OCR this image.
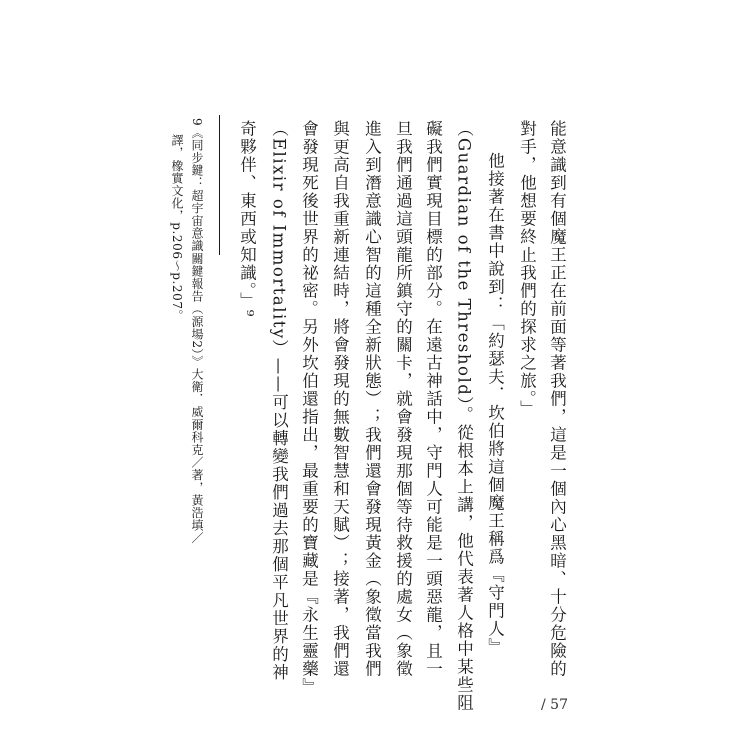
能意識到有個魔王正在前面等著我們，這是一個內心黑暗、十分危險的
對手，他想要終止我們的探求之旅。」
他接著在書中說到：「約瑟夫．坎伯將這個魔王稱爲『守門人』
（Guardian of the Threshold）。從根本上講，他代表著人格中某些阻
礙我們實現目標的部分。在遠古神話中，守門人可能是一頭惡龍，且一
旦我們通過這頭龍所鎮守的關卡，就會發現那個等待救援的處女（象徵
進入到潛意識心智的這種全新狀態）；我們還會發現黃金（象徵當我們
與更高自我重新連結時，將會發現的無數智慧和天賦）；接著，我們還
會發現死後世界的祕密。另外坎伯還指出，最重要的寶藏是『永生靈藥』
（Elixir of Immortality）——可以轉變我們過去那個平凡世界的神
奇夥伴、東西或知識。」⁹
9《同步鍵：超宇宙意識關鍵報告（源場2）》大衛．威爾科克／著，黃浩填／
譯，橡實文化，p.206～p.207。
/ 57
